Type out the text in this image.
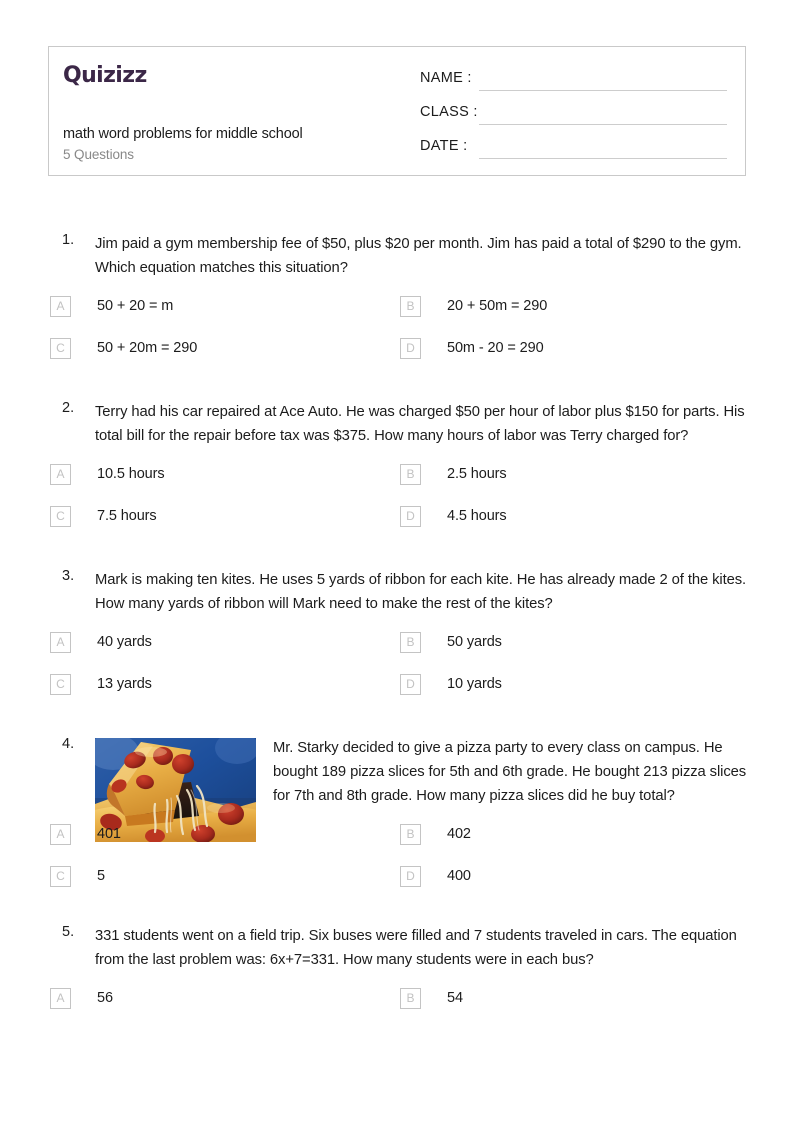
Quizizz
math word problems for middle school
5 Questions
NAME :
CLASS :
DATE :
1.	Jim paid a gym membership fee of $50, plus $20 per month. Jim has paid a total of $290 to the gym. Which equation matches this situation?
A	50 + 20 = m	B	20 + 50m = 290
C	50 + 20m = 290	D	50m - 20 = 290
2.	Terry had his car repaired at Ace Auto. He was charged $50 per hour of labor plus $150 for parts. His total bill for the repair before tax was $375. How many hours of labor was Terry charged for?
A	10.5 hours	B	2.5 hours
C	7.5 hours	D	4.5 hours
3.	Mark is making ten kites. He uses 5 yards of ribbon for each kite. He has already made 2 of the kites. How many yards of ribbon will Mark need to make the rest of the kites?
A	40 yards	B	50 yards
C	13 yards	D	10 yards
4.	Mr. Starky decided to give a pizza party to every class on campus. He bought 189 pizza slices for 5th and 6th grade. He bought 213 pizza slices for 7th and 8th grade. How many pizza slices did he buy total?
A	401	B	402
C	5	D	400
5.	331 students went on a field trip. Six buses were filled and 7 students traveled in cars. The equation from the last problem was: 6x+7=331. How many students were in each bus?
A	56	B	54
